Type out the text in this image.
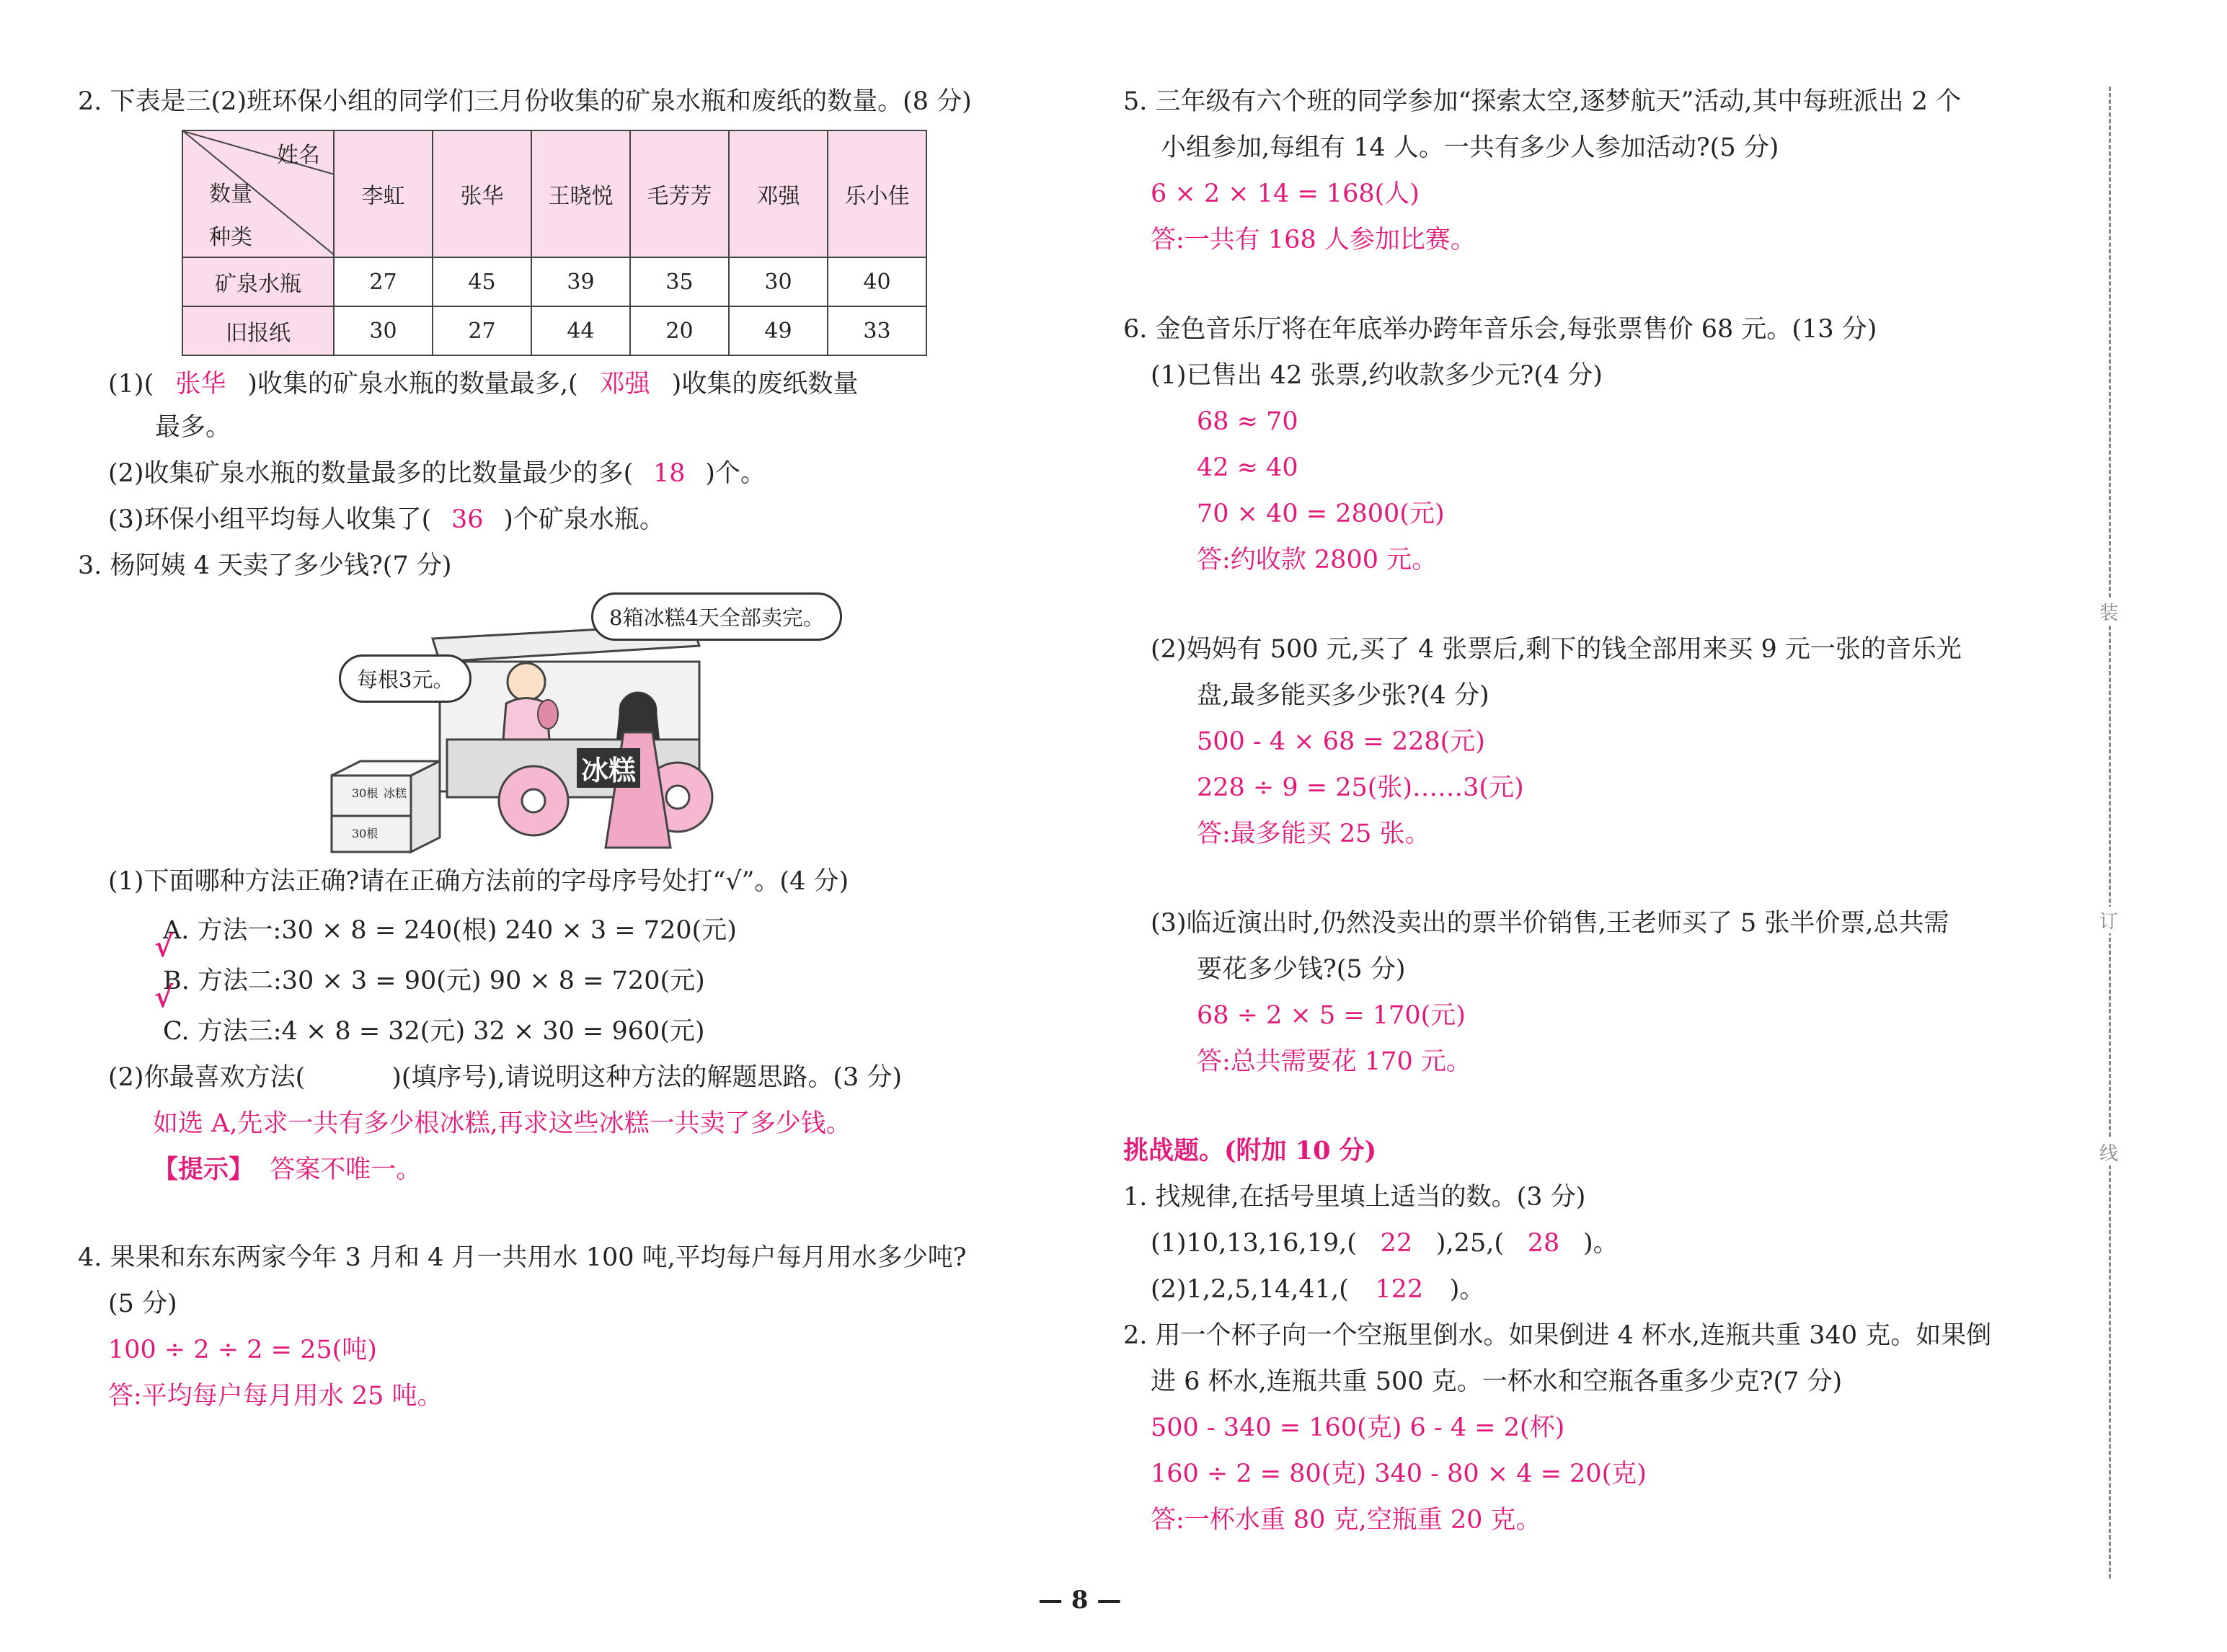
2. 下表是三(2)班环保小组的同学们三月份收集的矿泉水瓶和废纸的数量。(8 分)
姓名
数量
种类	李虹	张华	王晓悦	毛芳芳	邓强	乐小佳
矿泉水瓶	27	45	39	35	30	40
旧报纸	30	27	44	20	49	33
(1)( 张华 )收集的矿泉水瓶的数量最多,( 邓强 )收集的废纸数量
最多。
(2)收集矿泉水瓶的数量最多的比数量最少的多( 18 )个。
(3)环保小组平均每人收集了( 36 )个矿泉水瓶。
3. 杨阿姨 4 天卖了多少钱?(7 分)
8箱冰糕4天全部卖完。
每根3元。
30根
30根
冰糕
冰糕
(1)下面哪种方法正确?请在正确方法前的字母序号处打“√”。(4 分)
A. 方法一:30 × 8 = 240(根) 240 × 3 = 720(元)
√
B. 方法二:30 × 3 = 90(元) 90 × 8 = 720(元)
√
C. 方法三:4 × 8 = 32(元) 32 × 30 = 960(元)
(2)你最喜欢方法(	)(填序号),请说明这种方法的解题思路。(3 分)
如选 A,先求一共有多少根冰糕,再求这些冰糕一共卖了多少钱。
【提示】 答案不唯一。
4. 果果和东东两家今年 3 月和 4 月一共用水 100 吨,平均每户每月用水多少吨?
(5 分)
100 ÷ 2 ÷ 2 = 25(吨)
答:平均每户每月用水 25 吨。
5. 三年级有六个班的同学参加“探索太空,逐梦航天”活动,其中每班派出 2 个
小组参加,每组有 14 人。一共有多少人参加活动?(5 分)
6 × 2 × 14 = 168(人)
答:一共有 168 人参加比赛。
6. 金色音乐厅将在年底举办跨年音乐会,每张票售价 68 元。(13 分)
(1)已售出 42 张票,约收款多少元?(4 分)
68 ≈ 70
42 ≈ 40
70 × 40 = 2800(元)
答:约收款 2800 元。
(2)妈妈有 500 元,买了 4 张票后,剩下的钱全部用来买 9 元一张的音乐光
盘,最多能买多少张?(4 分)
500 - 4 × 68 = 228(元)
228 ÷ 9 = 25(张)……3(元)
答:最多能买 25 张。
(3)临近演出时,仍然没卖出的票半价销售,王老师买了 5 张半价票,总共需
要花多少钱?(5 分)
68 ÷ 2 × 5 = 170(元)
答:总共需要花 170 元。
挑战题。(附加 10 分)
1. 找规律,在括号里填上适当的数。(3 分)
(1)10,13,16,19,( 22 ),25,( 28 )。
(2)1,2,5,14,41,( 122 )。
2. 用一个杯子向一个空瓶里倒水。如果倒进 4 杯水,连瓶共重 340 克。如果倒
进 6 杯水,连瓶共重 500 克。一杯水和空瓶各重多少克?(7 分)
500 - 340 = 160(克) 6 - 4 = 2(杯)
160 ÷ 2 = 80(克) 340 - 80 × 4 = 20(克)
答:一杯水重 80 克,空瓶重 20 克。
装
订
线
— 8 —
